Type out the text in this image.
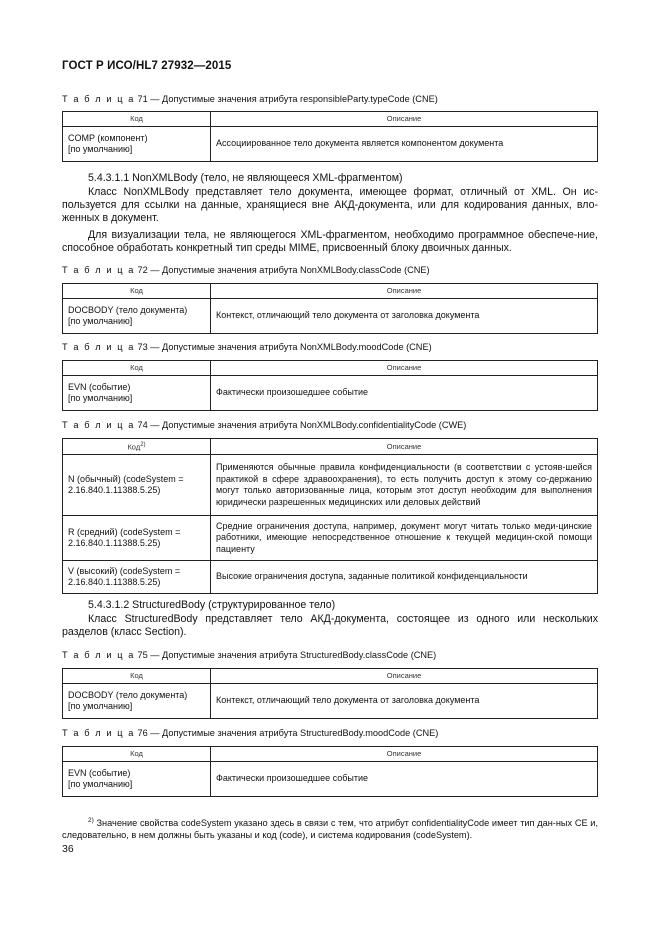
ГОСТ Р ИСО/HL7 27932—2015
Т а б л и ц а 71 — Допустимые значения атрибута responsibleParty.typeCode (CNE)
Код	Описание

COMP (компонент)
[по умолчанию]	Ассоциированное тело документа является компонентом документа
5.4.3.1.1 NonXMLBody (тело, не являющееся XML-фрагментом)
Класс NonXMLBody представляет тело документа, имеющее формат, отличный от XML. Он ис-пользуется для ссылки на данные, хранящиеся вне АКД-документа, или для кодирования данных, вло-женных в документ.
Для визуализации тела, не являющегося XML-фрагментом, необходимо программное обеспече-ние, способное обработать конкретный тип среды MIME, присвоенный блоку двоичных данных.
Т а б л и ц а 72 — Допустимые значения атрибута NonXMLBody.classCode (CNE)
Код	Описание

DOCBODY (тело документа)
[по умолчанию]	Контекст, отличающий тело документа от заголовка документа
Т а б л и ц а 73 — Допустимые значения атрибута NonXMLBody.moodCode (CNE)
Код	Описание

EVN (событие)
[по умолчанию]	Фактически произошедшее событие
Т а б л и ц а 74 — Допустимые значения атрибута NonXMLBody.confidentialityCode (CWE)
Код$^{2)}$	Описание
N (обычный) (codeSystem = 2.16.840.1.11388.5.25)	Применяются обычные правила конфиденциальности (в соответствии с устояв-шейся практикой в сфере здравоохранения), то есть получить доступ к этому со-держанию могут только авторизованные лица, которым этот доступ необходим для выполнения юридически разрешенных медицинских или деловых действий
R (средний) (codeSystem = 2.16.840.1.11388.5.25)	Средние ограничения доступа, например, документ могут читать только меди-цинские работники, имеющие непосредственное отношение к текущей медицин-ской помощи пациенту
V (высокий) (codeSystem = 2.16.840.1.11388.5.25)	Высокие ограничения доступа, заданные политикой конфиденциальности
5.4.3.1.2 StructuredBody (структурированное тело)
Класс StructuredBody представляет тело АКД-документа, состоящее из одного или нескольких разделов (класс Section).
Т а б л и ц а 75 — Допустимые значения атрибута StructuredBody.classCode (CNE)
Код	Описание

DOCBODY (тело документа)
[по умолчанию]	Контекст, отличающий тело документа от заголовка документа
Т а б л и ц а 76 — Допустимые значения атрибута StructuredBody.moodCode (CNE)
Код	Описание

EVN (событие)
[по умолчанию]	Фактически произошедшее событие
$^{2)}$ Значение свойства codeSystem указано здесь в связи с тем, что атрибут confidentialityCode имеет тип дан-ных CE и, следовательно, в нем должны быть указаны и код (code), и система кодирования (codeSystem).
36
